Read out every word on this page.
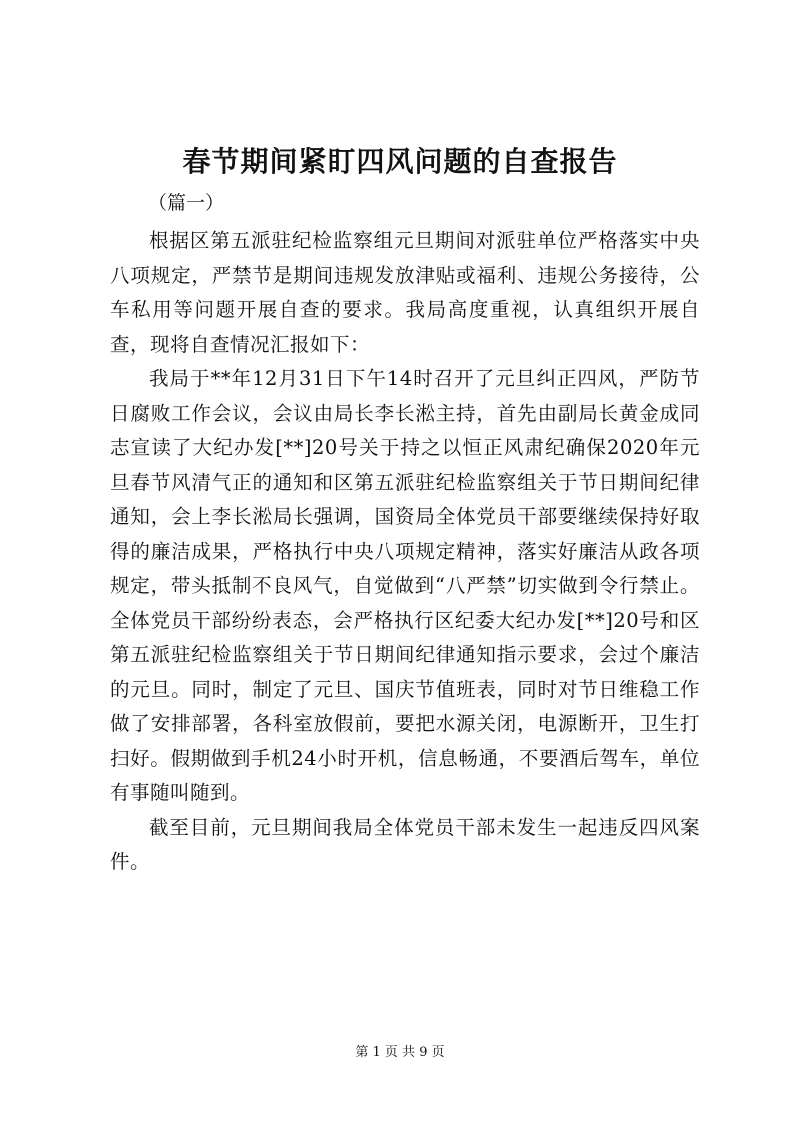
春节期间紧盯四风问题的自查报告
（篇一）

根据区第五派驻纪检监察组元旦期间对派驻单位严格落实中央八项规定，严禁节是期间违规发放津贴或福利、违规公务接待，公车私用等问题开展自查的要求。我局高度重视，认真组织开展自查，现将自查情况汇报如下：

我局于**年12月31日下午14时召开了元旦纠正四风，严防节日腐败工作会议，会议由局长李长淞主持，首先由副局长黄金成同志宣读了大纪办发[**]20号关于持之以恒正风肃纪确保2020年元旦春节风清气正的通知和区第五派驻纪检监察组关于节日期间纪律通知，会上李长淞局长强调，国资局全体党员干部要继续保持好取得的廉洁成果，严格执行中央八项规定精神，落实好廉洁从政各项规定，带头抵制不良风气，自觉做到“八严禁”切实做到令行禁止。全体党员干部纷纷表态，会严格执行区纪委大纪办发[**]20号和区第五派驻纪检监察组关于节日期间纪律通知指示要求，会过个廉洁的元旦。同时，制定了元旦、国庆节值班表，同时对节日维稳工作做了安排部署，各科室放假前，要把水源关闭，电源断开，卫生打扫好。假期做到手机24小时开机，信息畅通，不要酒后驾车，单位有事随叫随到。

截至目前，元旦期间我局全体党员干部未发生一起违反四风案件。

第 1 页 共 9 页
